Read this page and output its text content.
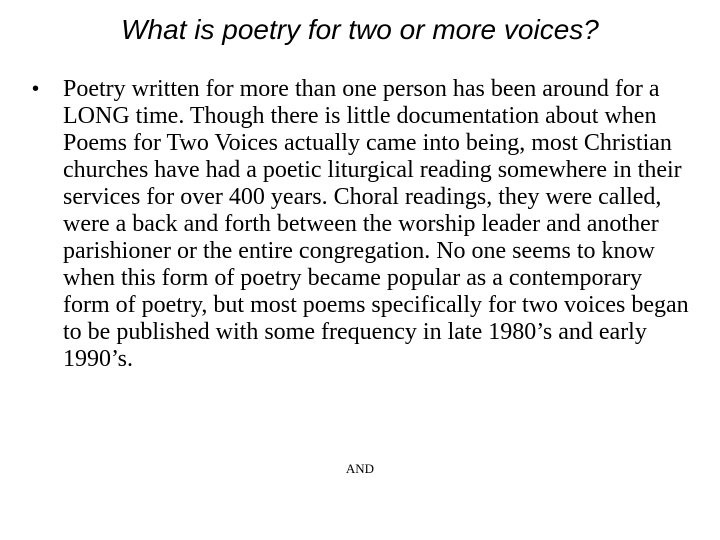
What is poetry for two or more voices?
• Poetry written for more than one person has been around for a LONG time. Though there is little documentation about when Poems for Two Voices actually came into being, most Christian churches have had a poetic liturgical reading somewhere in their services for over 400 years. Choral readings, they were called, were a back and forth between the worship leader and another parishioner or the entire congregation. No one seems to know when this form of poetry became popular as a contemporary form of poetry, but most poems specifically for two voices began to be published with some frequency in late 1980’s and early 1990’s.
AND
